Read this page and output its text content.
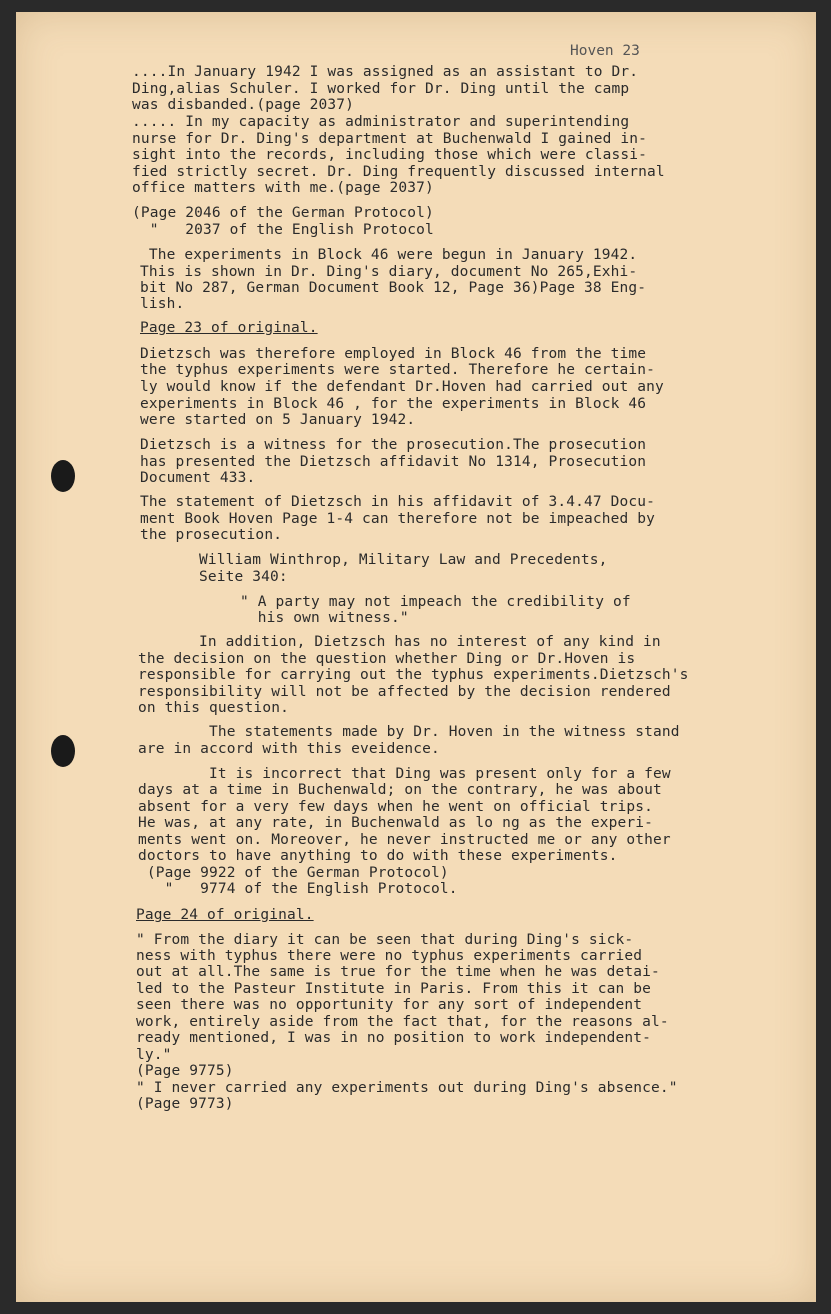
Hoven 23
....In January 1942 I was assigned as an assistant to Dr.
Ding,alias Schuler. I worked for Dr. Ding until the camp
was disbanded.(page 2037)
..... In my capacity as administrator and superintending
nurse for Dr. Ding's department at Buchenwald I gained in-
sight into the records, including those which were classi-
fied strictly secret. Dr. Ding frequently discussed internal
office matters with me.(page 2037)
(Page 2046 of the German Protocol)
"   2037 of the English Protocol
The experiments in Block 46 were begun in January 1942.
This is shown in Dr. Ding's diary, document No 265,Exhi-
bit No 287, German Document Book 12, Page 36)Page 38 Eng-
lish.
Page 23 of original.
Dietzsch was therefore employed in Block 46 from the time
the typhus experiments were started. Therefore he certain-
ly would know if the defendant Dr.Hoven had carried out any
experiments in Block 46 , for the experiments in Block 46
were started on 5 January 1942.
Dietzsch is a witness for the prosecution.The prosecution
has presented the Dietzsch affidavit No 1314, Prosecution
Document 433.
The statement of Dietzsch in his affidavit of 3.4.47 Docu-
ment Book Hoven Page 1-4 can therefore not be impeached by
the prosecution.
William Winthrop, Military Law and Precedents,
Seite 340:
" A party may not impeach the credibility of
his own witness."
In addition, Dietzsch has no interest of any kind in
the decision on the question whether Ding or Dr.Hoven is
responsible for carrying out the typhus experiments.Dietzsch's
responsibility will not be affected by the decision rendered
on this question.
The statements made by Dr. Hoven in the witness stand
are in accord with this eveidence.
It is incorrect that Ding was present only for a few
days at a time in Buchenwald; on the contrary, he was about
absent for a very few days when he went on official trips.
He was, at any rate, in Buchenwald as lo ng as the experi-
ments went on. Moreover, he never instructed me or any other
doctors to have anything to do with these experiments.
(Page 9922 of the German Protocol)
"   9774 of the English Protocol.
Page 24 of original.
" From the diary it can be seen that during Ding's sick-
ness with typhus there were no typhus experiments carried
out at all.The same is true for the time when he was detai-
led to the Pasteur Institute in Paris. From this it can be
seen there was no opportunity for any sort of independent
work, entirely aside from the fact that, for the reasons al-
ready mentioned, I was in no position to work independent-
ly."
(Page 9775)
" I never carried any experiments out during Ding's absence."
(Page 9773)
